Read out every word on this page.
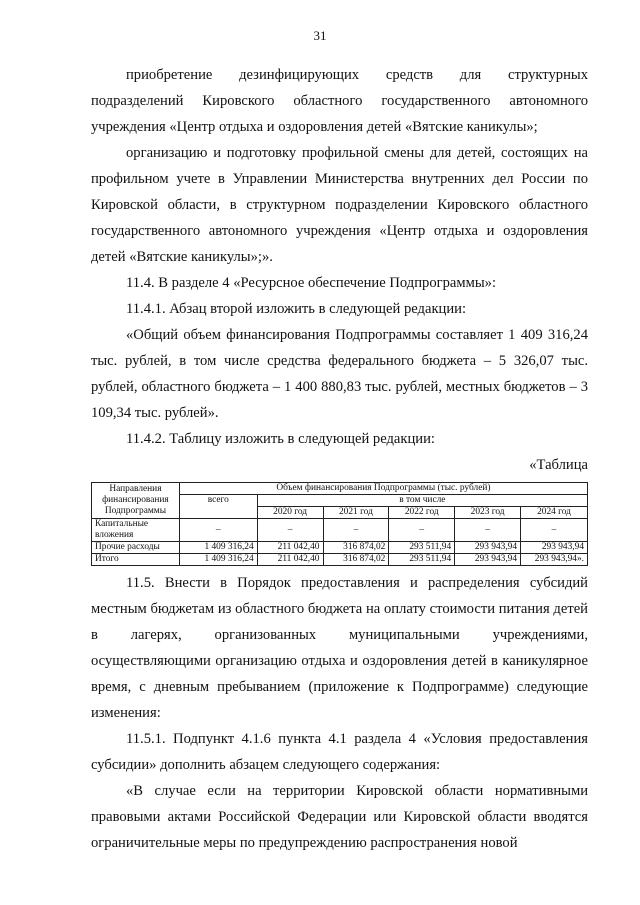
31

приобретение дезинфицирующих средств для структурных подразделений Кировского областного государственного автономного учреждения «Центр отдыха и оздоровления детей «Вятские каникулы»;

организацию и подготовку профильной смены для детей, состоящих на профильном учете в Управлении Министерства внутренних дел России по Кировской области, в структурном подразделении Кировского областного государственного автономного учреждения «Центр отдыха и оздоровления детей «Вятские каникулы»;».

11.4. В разделе 4 «Ресурсное обеспечение Подпрограммы»:

11.4.1. Абзац второй изложить в следующей редакции:

«Общий объем финансирования Подпрограммы составляет 1 409 316,24 тыс. рублей, в том числе средства федерального бюджета – 5 326,07 тыс. рублей, областного бюджета – 1 400 880,83 тыс. рублей, местных бюджетов – 3 109,34 тыс. рублей».

11.4.2. Таблицу изложить в следующей редакции:

«Таблица

Направления финансирования Подпрограммы	Объем финансирования Подпрограммы (тыс. рублей)					
	всего	в том числе				
		2020 год	2021 год	2022 год	2023 год	2024 год
Капитальные вложения	–	–	–	–	–	–
Прочие расходы	1 409 316,24	211 042,40	316 874,02	293 511,94	293 943,94	293 943,94
Итого	1 409 316,24	211 042,40	316 874,02	293 511,94	293 943,94	293 943,94».

11.5. Внести в Порядок предоставления и распределения субсидий местным бюджетам из областного бюджета на оплату стоимости питания детей в лагерях, организованных муниципальными учреждениями, осуществляющими организацию отдыха и оздоровления детей в каникулярное время, с дневным пребыванием (приложение к Подпрограмме) следующие изменения:

11.5.1. Подпункт 4.1.6 пункта 4.1 раздела 4 «Условия предоставления субсидии» дополнить абзацем следующего содержания:

«В случае если на территории Кировской области нормативными правовыми актами Российской Федерации или Кировской области вводятся ограничительные меры по предупреждению распространения новой
